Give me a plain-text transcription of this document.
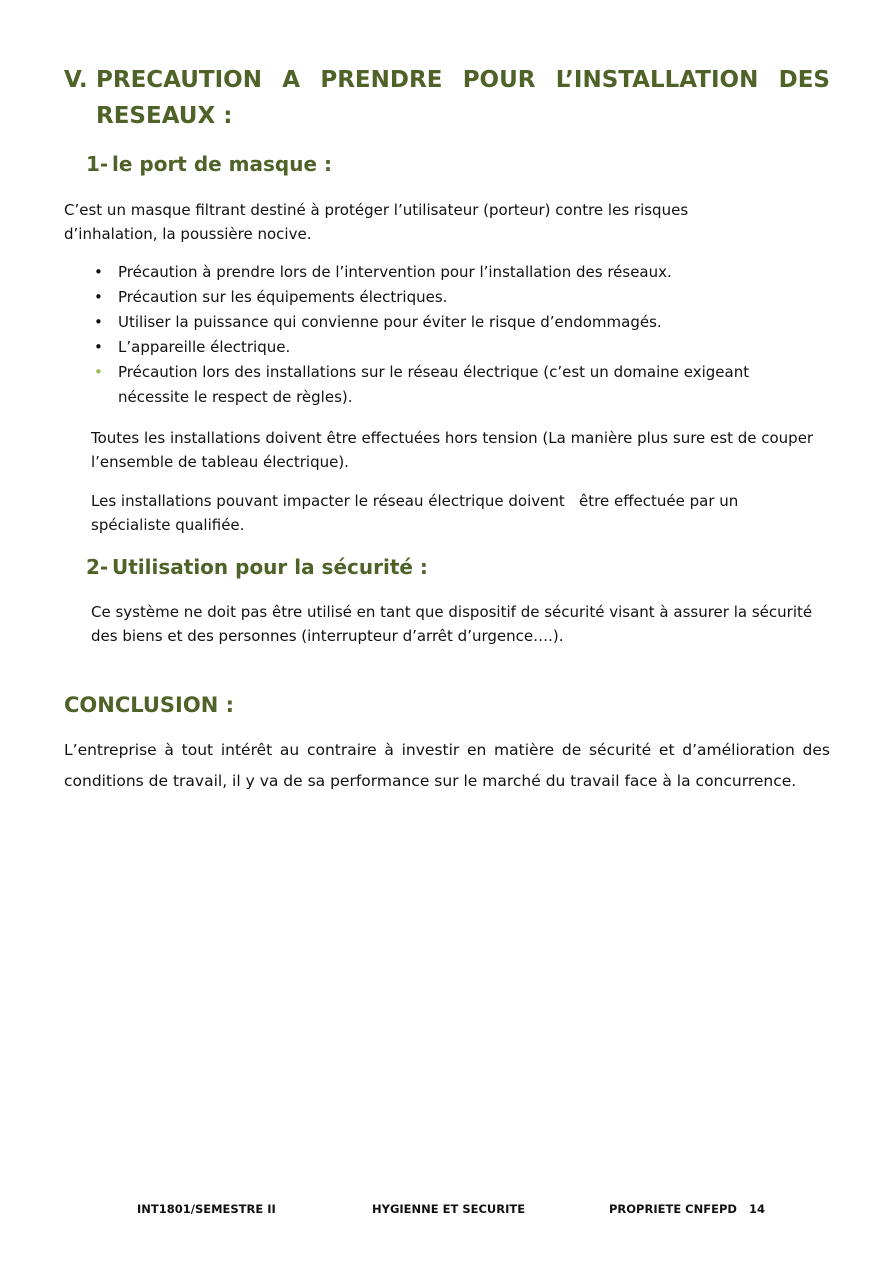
V. PRECAUTION A PRENDRE POUR L’INSTALLATION DES
RESEAUX :
1- le port de masque :
C’est un masque filtrant destiné à protéger l’utilisateur (porteur) contre les risques d’inhalation, la poussière nocive.
• Précaution à prendre lors de l’intervention pour l’installation des réseaux.
• Précaution sur les équipements électriques.
• Utiliser la puissance qui convienne pour éviter le risque d’endommagés.
• L’appareille électrique.
• Précaution lors des installations sur le réseau électrique (c’est un domaine exigeant nécessite le respect de règles).
Toutes les installations doivent être effectuées hors tension (La manière plus sure est de couper l’ensemble de tableau électrique).
Les installations pouvant impacter le réseau électrique doivent   être effectuée par un spécialiste qualifiée.
2- Utilisation pour la sécurité :
Ce système ne doit pas être utilisé en tant que dispositif de sécurité visant à assurer la sécurité des biens et des personnes (interrupteur d’arrêt d’urgence….).
CONCLUSION :
L’entreprise à tout intérêt au contraire à investir en matière de sécurité et d’amélioration des conditions de travail, il y va de sa performance sur le marché du travail face à la concurrence.
INT1801/SEMESTRE II	HYGIENNE ET SECURITE	PROPRIETE CNFEPD 14
